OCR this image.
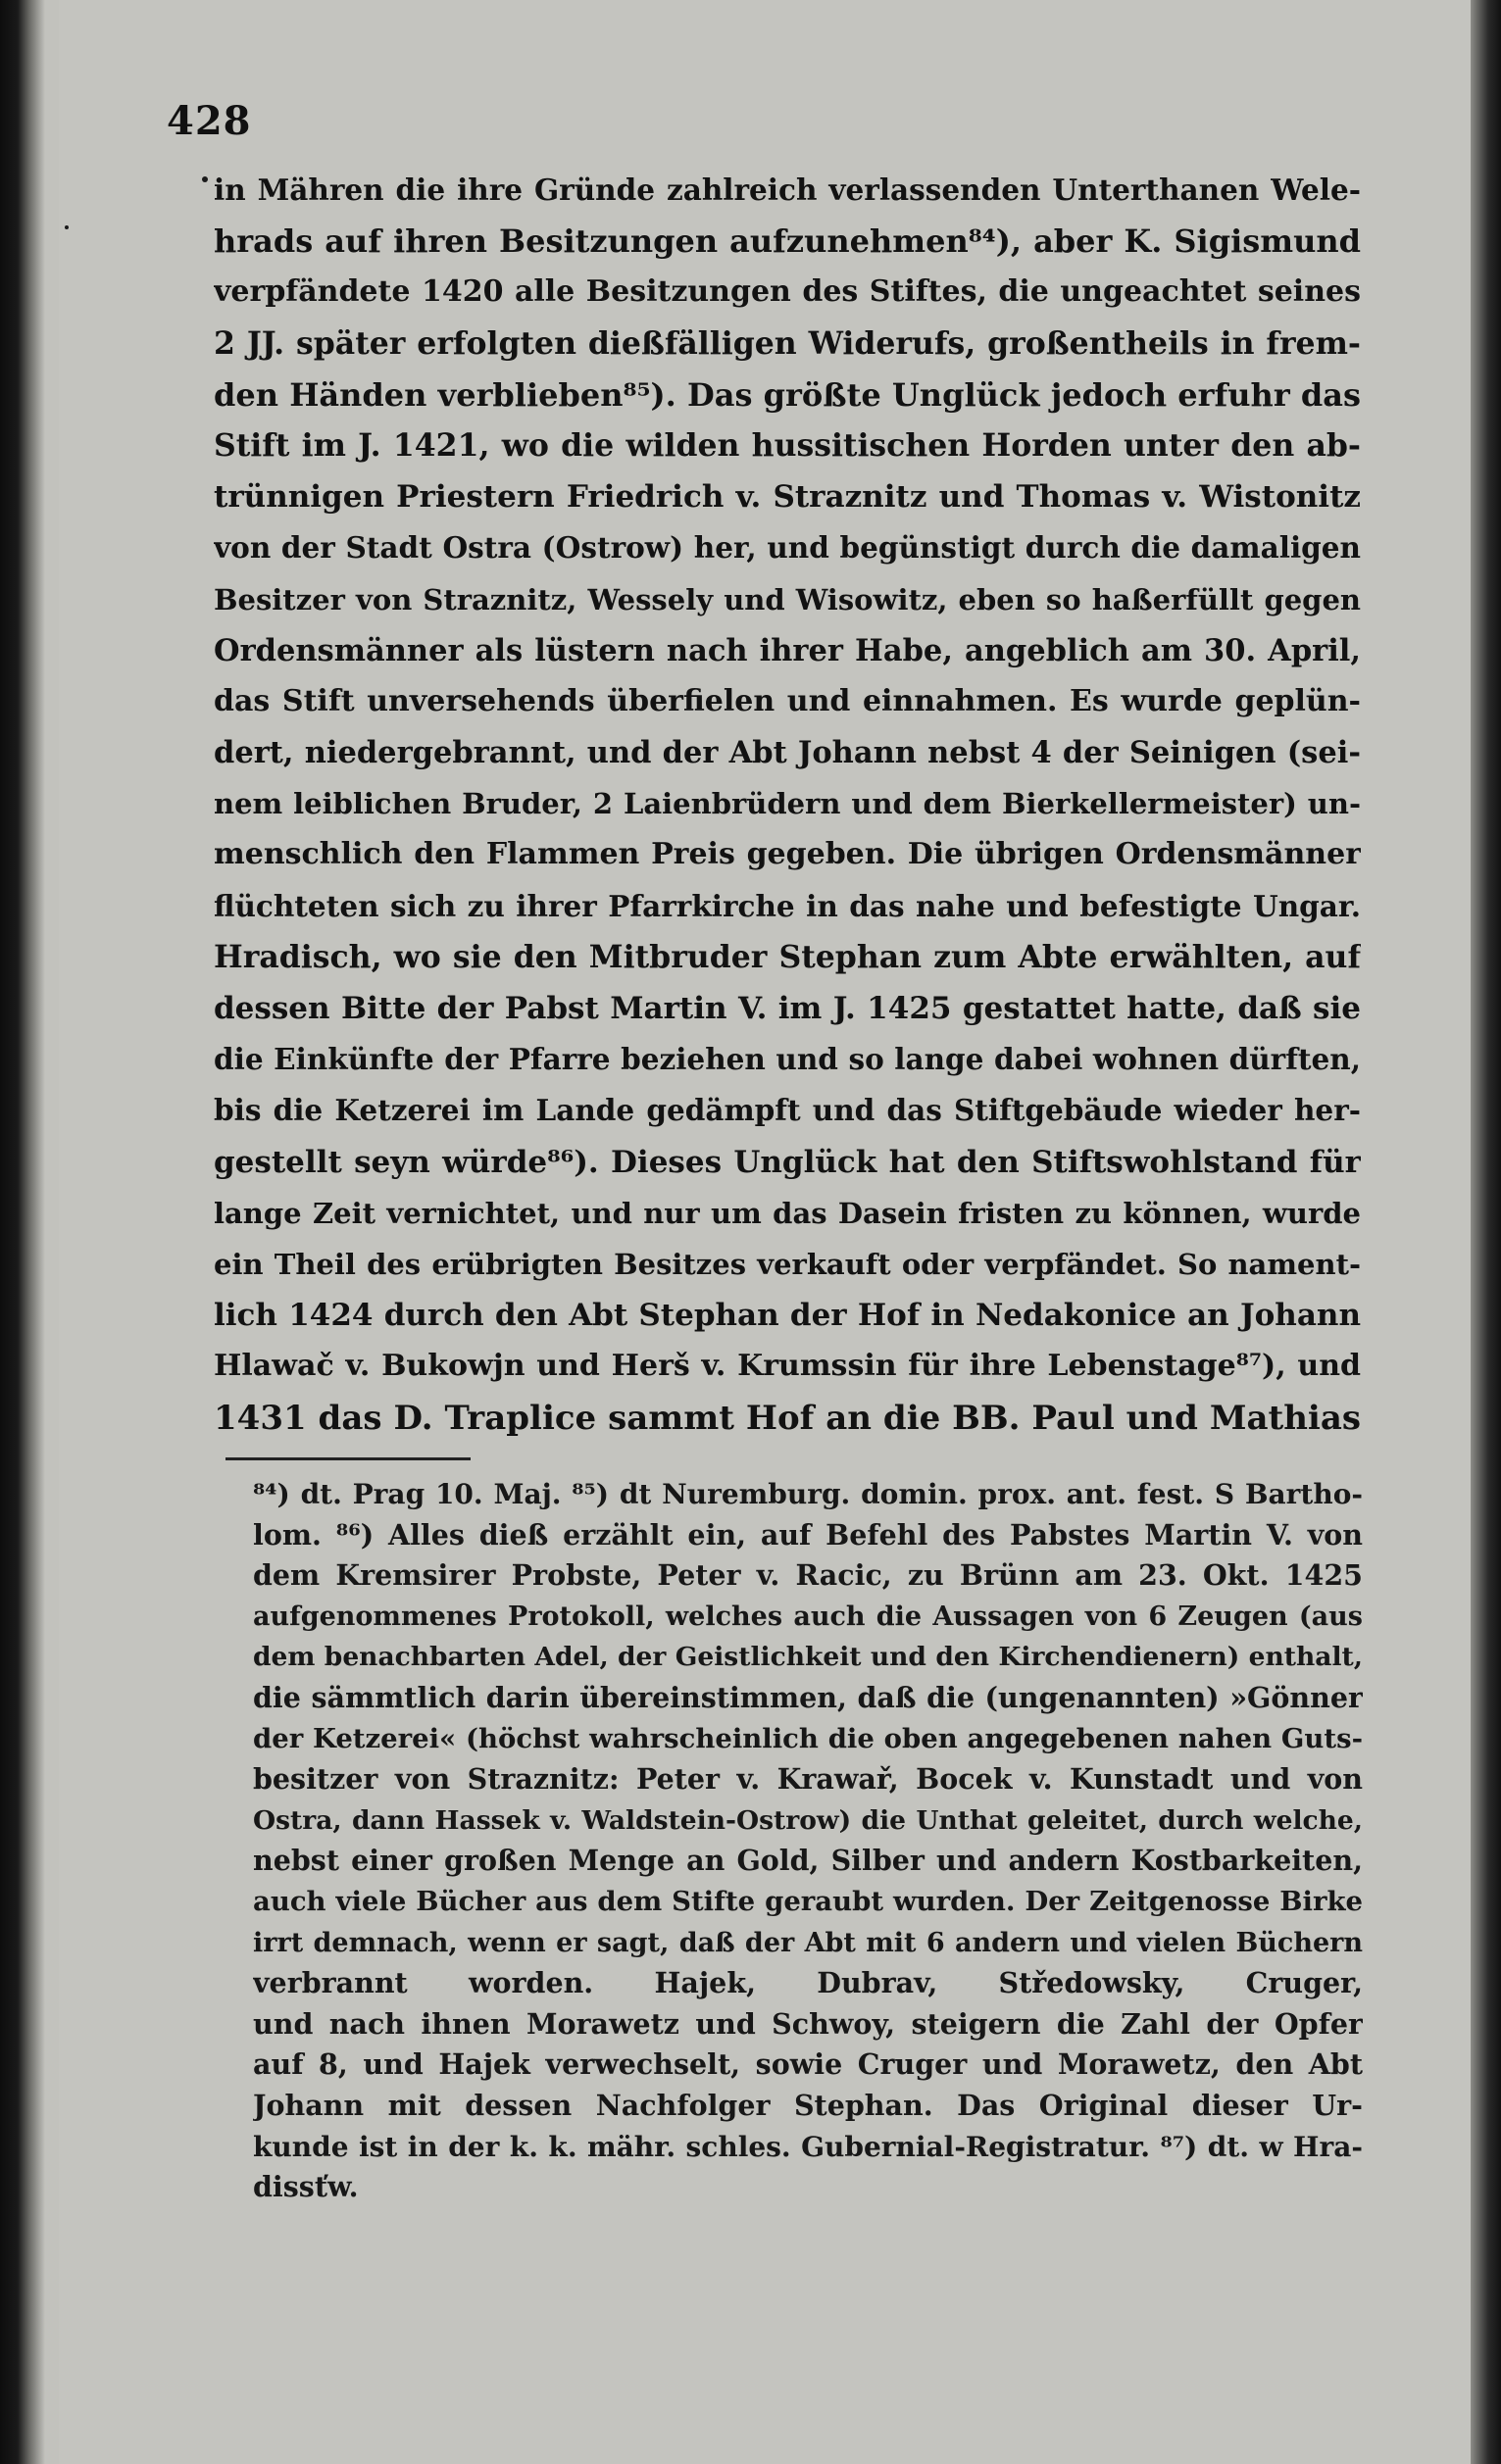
428
in Mähren die ihre Gründe zahlreich verlassenden Unterthanen Wele-
hrads auf ihren Besitzungen aufzunehmen⁸⁴), aber K. Sigismund
verpfändete 1420 alle Besitzungen des Stiftes, die ungeachtet seines
2 JJ. später erfolgten dießfälligen Widerufs, großentheils in frem-
den Händen verblieben⁸⁵). Das größte Unglück jedoch erfuhr das
Stift im J. 1421, wo die wilden hussitischen Horden unter den ab-
trünnigen Priestern Friedrich v. Straznitz und Thomas v. Wistonitz
von der Stadt Ostra (Ostrow) her, und begünstigt durch die damaligen
Besitzer von Straznitz, Wessely und Wisowitz, eben so haßerfüllt gegen
Ordensmänner als lüstern nach ihrer Habe, angeblich am 30. April,
das Stift unversehends überfielen und einnahmen. Es wurde geplün-
dert, niedergebrannt, und der Abt Johann nebst 4 der Seinigen (sei-
nem leiblichen Bruder, 2 Laienbrüdern und dem Bierkellermeister) un-
menschlich den Flammen Preis gegeben. Die übrigen Ordensmänner
flüchteten sich zu ihrer Pfarrkirche in das nahe und befestigte Ungar.
Hradisch, wo sie den Mitbruder Stephan zum Abte erwählten, auf
dessen Bitte der Pabst Martin V. im J. 1425 gestattet hatte, daß sie
die Einkünfte der Pfarre beziehen und so lange dabei wohnen dürften,
bis die Ketzerei im Lande gedämpft und das Stiftgebäude wieder her-
gestellt seyn würde⁸⁶). Dieses Unglück hat den Stiftswohlstand für
lange Zeit vernichtet, und nur um das Dasein fristen zu können, wurde
ein Theil des erübrigten Besitzes verkauft oder verpfändet. So nament-
lich 1424 durch den Abt Stephan der Hof in Nedakonice an Johann
Hlawač v. Bukowjn und Herš v. Krumssin für ihre Lebenstage⁸⁷), und
1431 das D. Traplice sammt Hof an die BB. Paul und Mathias
⁸⁴) dt. Prag 10. Maj. ⁸⁵) dt Nuremburg. domin. prox. ant. fest. S Bartho-
lom. ⁸⁶) Alles dieß erzählt ein, auf Befehl des Pabstes Martin V. von
dem Kremsirer Probste, Peter v. Racic, zu Brünn am 23. Okt. 1425
aufgenommenes Protokoll, welches auch die Aussagen von 6 Zeugen (aus
dem benachbarten Adel, der Geistlichkeit und den Kirchendienern) enthalt,
die sämmtlich darin übereinstimmen, daß die (ungenannten) »Gönner
der Ketzerei« (höchst wahrscheinlich die oben angegebenen nahen Guts-
besitzer von Straznitz: Peter v. Krawař, Bocek v. Kunstadt und von
Ostra, dann Hassek v. Waldstein-Ostrow) die Unthat geleitet, durch welche,
nebst einer großen Menge an Gold, Silber und andern Kostbarkeiten,
auch viele Bücher aus dem Stifte geraubt wurden. Der Zeitgenosse Birke
irrt demnach, wenn er sagt, daß der Abt mit 6 andern und vielen Büchern
verbrannt worden. Hajek, Dubrav, Středowsky, Cruger,
und nach ihnen Morawetz und Schwoy, steigern die Zahl der Opfer
auf 8, und Hajek verwechselt, sowie Cruger und Morawetz, den Abt
Johann mit dessen Nachfolger Stephan. Das Original dieser Ur-
kunde ist in der k. k. mähr. schles. Gubernial-Registratur. ⁸⁷) dt. w Hra-
dissťw.
